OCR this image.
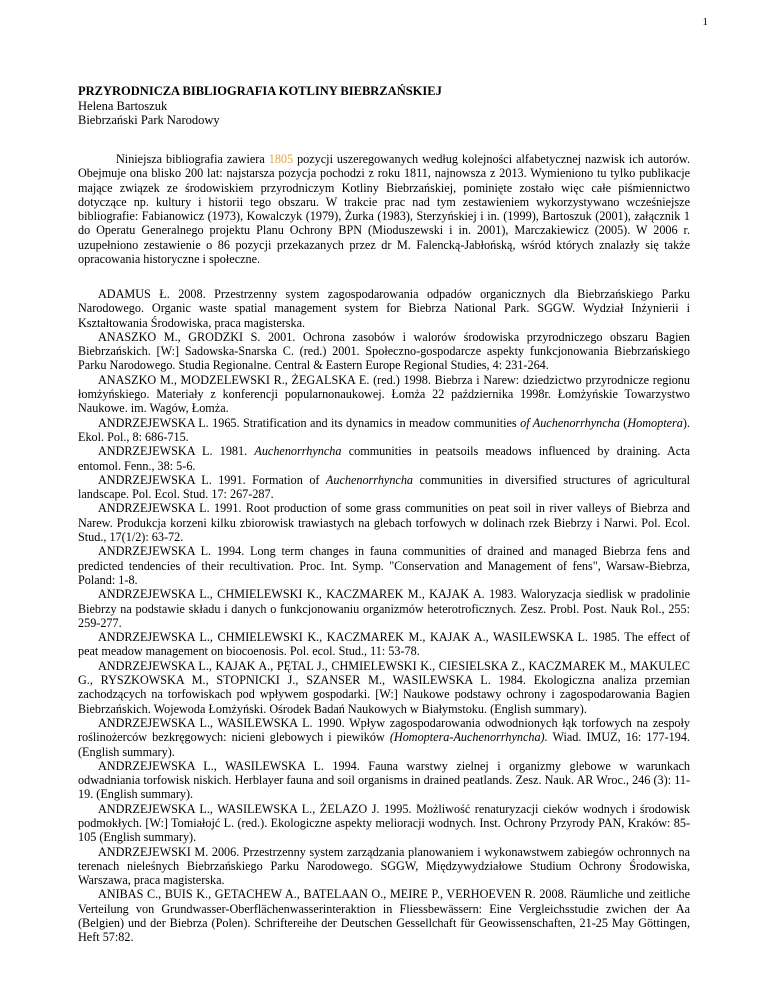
1
PRZYRODNICZA BIBLIOGRAFIA KOTLINY BIEBRZAŃSKIEJ
Helena Bartoszuk
Biebrzański Park Narodowy

Niniejsza bibliografia zawiera 1805 pozycji uszeregowanych według kolejności alfabetycznej nazwisk ich autorów. Obejmuje ona blisko 200 lat: najstarsza pozycja pochodzi z roku 1811, najnowsza z 2013. Wymieniono tu tylko publikacje mające związek ze środowiskiem przyrodniczym Kotliny Biebrzańskiej, pominięte zostało więc całe piśmiennictwo dotyczące np. kultury i historii tego obszaru. W trakcie prac nad tym zestawieniem wykorzystywano wcześniejsze bibliografie: Fabianowicz (1973), Kowalczyk (1979), Żurka (1983), Sterzyńskiej i in. (1999), Bartoszuk (2001), załącznik 1 do Operatu Generalnego projektu Planu Ochrony BPN (Mioduszewski i in. 2001), Marczakiewicz (2005). W 2006 r. uzupełniono zestawienie o 86 pozycji przekazanych przez dr M. Falencką-Jabłońską, wśród których znalazły się także opracowania historyczne i społeczne.

ADAMUS Ł. 2008. Przestrzenny system zagospodarowania odpadów organicznych dla Biebrzańskiego Parku Narodowego. Organic waste spatial management system for Biebrza National Park. SGGW. Wydział Inżynierii i Kształtowania Środowiska, praca magisterska.

ANASZKO M., GRODZKI S. 2001. Ochrona zasobów i walorów środowiska przyrodniczego obszaru Bagien Biebrzańskich. [W:] Sadowska-Snarska C. (red.) 2001. Społeczno-gospodarcze aspekty funkcjonowania Biebrzańskiego Parku Narodowego. Studia Regionalne. Central & Eastern Europe Regional Studies, 4: 231-264.

ANASZKO M., MODZELEWSKI R., ŻEGALSKA E. (red.) 1998. Biebrza i Narew: dziedzictwo przyrodnicze regionu łomżyńskiego. Materiały z konferencji popularnonaukowej. Łomża 22 października 1998r. Łomżyńskie Towarzystwo Naukowe. im. Wagów, Łomża.

ANDRZEJEWSKA L. 1965. Stratification and its dynamics in meadow communities of Auchenorrhyncha (Homoptera). Ekol. Pol., 8: 686-715.

ANDRZEJEWSKA L. 1981. Auchenorrhyncha communities in peatsoils meadows influenced by draining. Acta entomol. Fenn., 38: 5-6.

ANDRZEJEWSKA L. 1991. Formation of Auchenorrhyncha communities in diversified structures of agricultural landscape. Pol. Ecol. Stud. 17: 267-287.

ANDRZEJEWSKA L. 1991. Root production of some grass communities on peat soil in river valleys of Biebrza and Narew. Produkcja korzeni kilku zbiorowisk trawiastych na glebach torfowych w dolinach rzek Biebrzy i Narwi. Pol. Ecol. Stud., 17(1/2): 63-72.

ANDRZEJEWSKA L. 1994. Long term changes in fauna communities of drained and managed Biebrza fens and predicted tendencies of their recultivation. Proc. Int. Symp. "Conservation and Management of fens", Warsaw-Biebrza, Poland: 1-8.

ANDRZEJEWSKA L., CHMIELEWSKI K., KACZMAREK M., KAJAK A. 1983. Waloryzacja siedlisk w pradolinie Biebrzy na podstawie składu i danych o funkcjonowaniu organizmów heterotroficznych. Zesz. Probl. Post. Nauk Rol., 255: 259-277.

ANDRZEJEWSKA L., CHMIELEWSKI K., KACZMAREK M., KAJAK A., WASILEWSKA L. 1985. The effect of peat meadow management on biocoenosis. Pol. ecol. Stud., 11: 53-78.

ANDRZEJEWSKA L., KAJAK A., PĘTAL J., CHMIELEWSKI K., CIESIELSKA Z., KACZMAREK M., MAKULEC G., RYSZKOWSKA M., STOPNICKI J., SZANSER M., WASILEWSKA L. 1984. Ekologiczna analiza przemian zachodzących na torfowiskach pod wpływem gospodarki. [W:] Naukowe podstawy ochrony i zagospodarowania Bagien Biebrzańskich. Wojewoda Łomżyński. Ośrodek Badań Naukowych w Białymstoku. (English summary).

ANDRZEJEWSKA L., WASILEWSKA L. 1990. Wpływ zagospodarowania odwodnionych łąk torfowych na zespoły roślinożerców bezkręgowych: nicieni glebowych i piewików (Homoptera-Auchenorrhyncha). Wiad. IMUZ, 16: 177-194. (English summary).

ANDRZEJEWSKA L., WASILEWSKA L. 1994. Fauna warstwy zielnej i organizmy glebowe w warunkach odwadniania torfowisk niskich. Herblayer fauna and soil organisms in drained peatlands. Zesz. Nauk. AR Wroc., 246 (3): 11-19. (English summary).

ANDRZEJEWSKA L., WASILEWSKA L., ŻELAZO J. 1995. Możliwość renaturyzacji cieków wodnych i środowisk podmokłych. [W:] Tomiałojć L. (red.). Ekologiczne aspekty melioracji wodnych. Inst. Ochrony Przyrody PAN, Kraków: 85-105 (English summary).

ANDRZEJEWSKI M. 2006. Przestrzenny system zarządzania planowaniem i wykonawstwem zabiegów ochronnych na terenach nieleśnych Biebrzańskiego Parku Narodowego. SGGW, Międzywydziałowe Studium Ochrony Środowiska, Warszawa, praca magisterska.

ANIBAS C., BUIS K., GETACHEW A., BATELAAN O., MEIRE P., VERHOEVEN R. 2008. Räumliche und zeitliche Verteilung von Grundwasser-Oberflächenwasserinteraktion in Fliessbewässern: Eine Vergleichsstudie zwichen der Aa (Belgien) und der Biebrza (Polen). Schriftereihe der Deutschen Gessellchaft für Geowissenschaften, 21-25 May Göttingen, Heft 57:82.
